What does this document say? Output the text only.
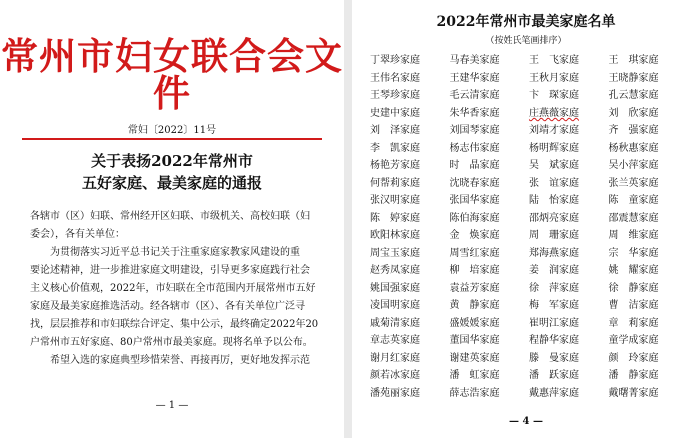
常州市妇女联合会文件
常妇〔2022〕11号
关于表扬2022年常州市
五好家庭、最美家庭的通报

各辖市（区）妇联、常州经开区妇联、市级机关、高校妇联（妇

委会），各有关单位：

为贯彻落实习近平总书记关于注重家庭家教家风建设的重

要论述精神，进一步推进家庭文明建设，引导更多家庭践行社会

主义核心价值观，2022年，市妇联在全市范围内开展常州市五好

家庭及最美家庭推选活动。经各辖市（区）、各有关单位广泛寻

找，层层推荐和市妇联综合评定、集中公示，最终确定2022年20

户常州市五好家庭、80户常州市最美家庭。现将名单予以公布。

希望入选的家庭典型珍惜荣誉、再接再厉，更好地发挥示范

— 1 —
2022年常州市最美家庭名单
（按姓氏笔画排序）
丁翠珍家庭	马春美家庭	王　飞家庭	王　琪家庭
王伟名家庭	王建华家庭	王秋月家庭	王晓静家庭
王琴珍家庭	毛云清家庭	卞　琛家庭	孔云慧家庭
史建中家庭	朱华香家庭	庄燕薇家庭	刘　欣家庭
刘　泽家庭	刘国琴家庭	刘靖才家庭	齐　强家庭
李　凯家庭	杨志伟家庭	杨明辉家庭	杨秋惠家庭
杨艳芳家庭	时　晶家庭	吴　斌家庭	吴小萍家庭
何帮莉家庭	沈晓春家庭	张　谊家庭	张兰英家庭
张汉明家庭	张国华家庭	陆　怡家庭	陈　童家庭
陈　婷家庭	陈伯海家庭	邵炳亮家庭	邵震慧家庭
欧阳林家庭	金　焕家庭	周　珊家庭	周　维家庭
周宝玉家庭	周雪红家庭	郑海燕家庭	宗　华家庭
赵秀凤家庭	柳　培家庭	姜　润家庭	姚　耀家庭
姚国强家庭	袁益芳家庭	徐　萍家庭	徐　静家庭
凌国明家庭	黄　静家庭	梅　军家庭	曹　洁家庭
戚菊清家庭	盛媛媛家庭	崔明江家庭	章　莉家庭
章志英家庭	董国华家庭	程静华家庭	童学成家庭
谢月红家庭	谢建英家庭	滕　曼家庭	颜　玲家庭
颜若冰家庭	潘　虹家庭	潘　跃家庭	潘　静家庭
潘苑丽家庭	薛志浩家庭	戴惠萍家庭	戴曙菁家庭
— 4 —
